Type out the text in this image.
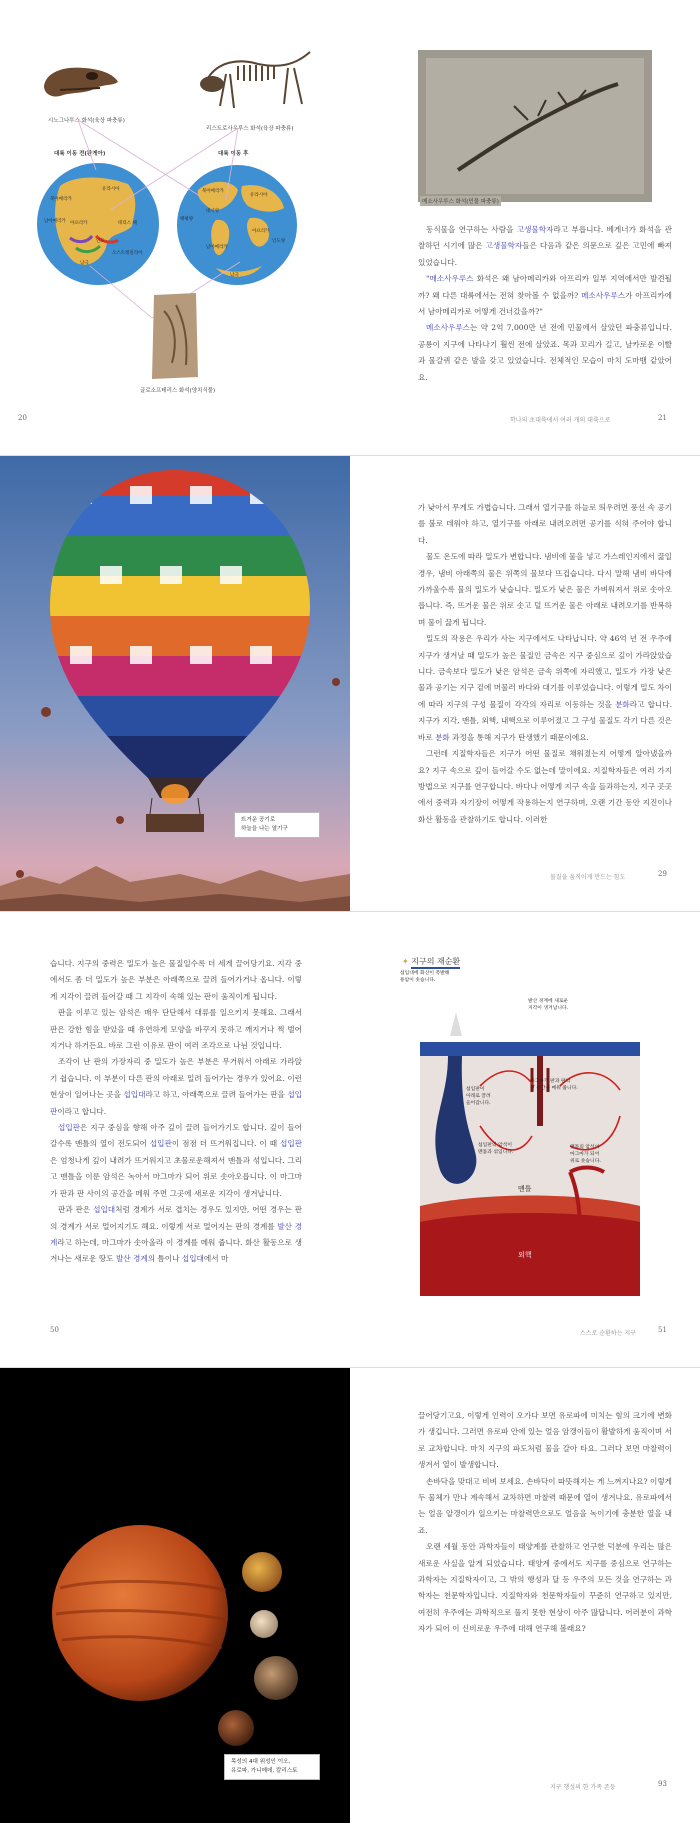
시노그나투스 화석(육상 파충류)
리스트로사우루스 화석(육상 파충류)
대륙 이동 전(판게아)	대륙 이동 후
유라시아
북아메리카
남아메리카 아프리카	테티스 해
인도
남극
오스트레일리아
북아메리카
유라시아
대서양
태평양
아프리카
인도양
남아메리카
남극
글로소프테리스 화석(양치식물)
20
메소사우루스 화석(민물 파충류)

동식물을 연구하는 사람을 고생물학자라고 부릅니다. 베게너가 화석을 관찰하던 시기에 많은 고생물학자들은 다음과 같은 의문으로 깊은 고민에 빠져 있었습니다.

"메소사우루스 화석은 왜 남아메리카와 아프리카 일부 지역에서만 발견될까? 왜 다른 대륙에서는 전혀 찾아볼 수 없을까? 메소사우루스가 아프리카에서 남아메리카로 어떻게 건너갔을까?"

메소사우루스는 약 2억 7,000만 년 전에 민물에서 살았던 파충류입니다. 공룡이 지구에 나타나기 훨씬 전에 살았죠. 목과 꼬리가 길고, 날카로운 이빨과 물갈퀴 같은 발을 갖고 있었습니다. 전체적인 모습이 마치 도마뱀 같았어요.

학나의 초대륙에서 여러 개의 대륙으로	21
뜨거운 공기로
하늘을 나는 열기구

가 낮아서 무게도 가볍습니다. 그래서 열기구를 하늘로 띄우려면 풍선 속 공기를 불로 데워야 하고, 열기구를 아래로 내려오려면 공기를 식혀 주어야 합니다.

물도 온도에 따라 밀도가 변합니다. 냄비에 물을 넣고 가스레인지에서 끓일 경우, 냄비 아래쪽의 물은 위쪽의 물보다 뜨겁습니다. 다시 말해 냄비 바닥에 가까울수록 물의 밀도가 낮습니다. 밀도가 낮은 물은 가벼워져서 위로 솟아오릅니다. 즉, 뜨거운 물은 위로 솟고 덜 뜨거운 물은 아래로 내려오기를 반복하며 물이 끓게 됩니다.

밀도의 작용은 우리가 사는 지구에서도 나타납니다. 약 46억 년 전 우주에 지구가 생겨날 때 밀도가 높은 물질인 금속은 지구 중심으로 깊이 가라앉았습니다. 금속보다 밀도가 낮은 암석은 금속 위쪽에 자리했고, 밀도가 가장 낮은 물과 공기는 지구 겉에 머물러 바다와 대기를 이루었습니다. 이렇게 밀도 차이에 따라 지구의 구성 물질이 각각의 자리로 이동하는 것을 분화라고 합니다. 지구가 지각, 맨틀, 외핵, 내핵으로 이루어졌고 그 구성 물질도 각기 다른 것은 바로 분화 과정을 통해 지구가 탄생했기 때문이에요.

그런데 지질학자들은 지구가 어떤 물질로 채워졌는지 어떻게 알아냈을까요? 지구 속으로 깊이 들어갈 수도 없는데 말이에요. 지질학자들은 여러 가지 방법으로 지구를 연구합니다. 바다나 어떻게 지구 속을 들과하는지, 지구 곳곳에서 중력과 자기장이 어떻게 작용하는지 연구하며, 오랜 기간 동안 지진이나 화산 활동을 관찰하기도 합니다. 이러한

물질을 움직이게 만드는 힘도	29

습니다. 지구의 중력은 밀도가 높은 물질일수록 더 세게 끌어당기요. 지각 중에서도 좀 더 밀도가 높은 부분은 아래쪽으로 끌려 들어가거나 옵니다. 이렇게 지각이 끌려 들어갈 때 그 지각이 속해 있는 판이 움직이게 됩니다.

판을 이루고 있는 암석은 매우 단단해서 대류를 일으키지 못해요. 그래서 판은 강한 힘을 받았을 때 유연하게 모양을 바꾸지 못하고 깨지거나 쩍 벌어지거나 하거든요. 바로 그런 이유로 판이 여러 조각으로 나뉜 것입니다.

조각이 난 판의 가장자리 중 밀도가 높은 부분은 무거워서 아래로 가라앉기 쉽습니다. 이 부분이 다른 판의 아래로 밀려 들어가는 경우가 있어요. 이런 현상이 일어나는 곳을 섭입대라고 하고, 아래쪽으로 끌려 들어가는 판을 섭입판이라고 합니다.

섭입판은 지구 중심을 향해 아주 깊이 끌려 들어가기도 합니다. 깊이 들어갈수록 맨틀의 열이 전도되어 섭입판이 점점 더 뜨거워집니다. 이 때 섭입판은 엄청나게 깊이 내려가 뜨거워지고 초물로운해져서 맨틀과 섞입니다. 그리고 맨틀을 이룬 암석은 녹아서 마그마가 되어 위로 솟아오릅니다. 이 마그마가 판과 판 사이의 공간을 메워 주면 그곳에 새로운 지각이 생겨납니다.

판과 판은 섭입대처럼 경계가 서로 겹치는 경우도 있지만, 어떤 경우는 판의 경계가 서로 멀어지기도 해요. 이렇게 서로 멀어지는 판의 경계를 발산 경계라고 하는데, 마그마가 솟아올라 이 경계를 메워 줍니다. 화산 활동으로 생겨나는 새로운 땅도 발산 경계의 틈이나 섭입대에서 마

50
✦ 지구의 재순환
섭입대에 화산이 폭발해
용암이 솟습니다.
발산 경계에 새로운
지각이 생겨납니다.
섭입판이
아래로 끌려
들어갑니다.
마그마가 판과 판의
빈 공간을 메워 줍니다.
섭입판의 암석이
맨틀과 섞입니다.
맨틀의 암석이
마그마가 되어
위로 솟습니다.
맨틀
외핵
스스로 순환하는 지구	51
목성의 4대 위성인 이오,
유로파, 가니메데, 칼리스토

끌어당기고요, 이렇게 인력이 오가다 보면 유로파에 미치는 힘의 크기에 변화가 생깁니다. 그러면 유로파 안에 있는 얼음 암갱이들이 활발하게 움직이며 서로 교차합니다. 마치 지구의 파도처럼 물을 갈아 타요. 그러다 보면 마찰력이 생겨서 열이 발생합니다.

손바닥을 맞대고 비벼 보세요. 손바닥이 따뜻해지는 게 느껴지나요? 이렇게 두 물체가 만나 계속해서 교차하면 마찰력 때문에 열이 생겨나요. 유로파에서는 얼음 알갱이가 일으키는 마찰력만으로도 얼음을 녹이기에 충분한 열을 내죠.

오랜 세월 동안 과학자들이 태양계를 관찰하고 연구한 덕분에 우리는 많은 새로운 사실을 알게 되었습니다. 태양계 중에서도 지구를 중심으로 연구하는 과학자는 지질학자이고, 그 밖의 행성과 달 등 우주의 모든 것을 연구하는 과학자는 천문학자입니다. 지질학자와 천문학자들이 꾸준히 연구하고 있지만, 여전히 우주에는 과학적으로 풀지 못한 현상이 아주 많답니다. 어러분이 과학자가 되어 이 신비로운 우주에 대해 연구해 볼래요?

지구 행성의 한 가족 존둥	93
